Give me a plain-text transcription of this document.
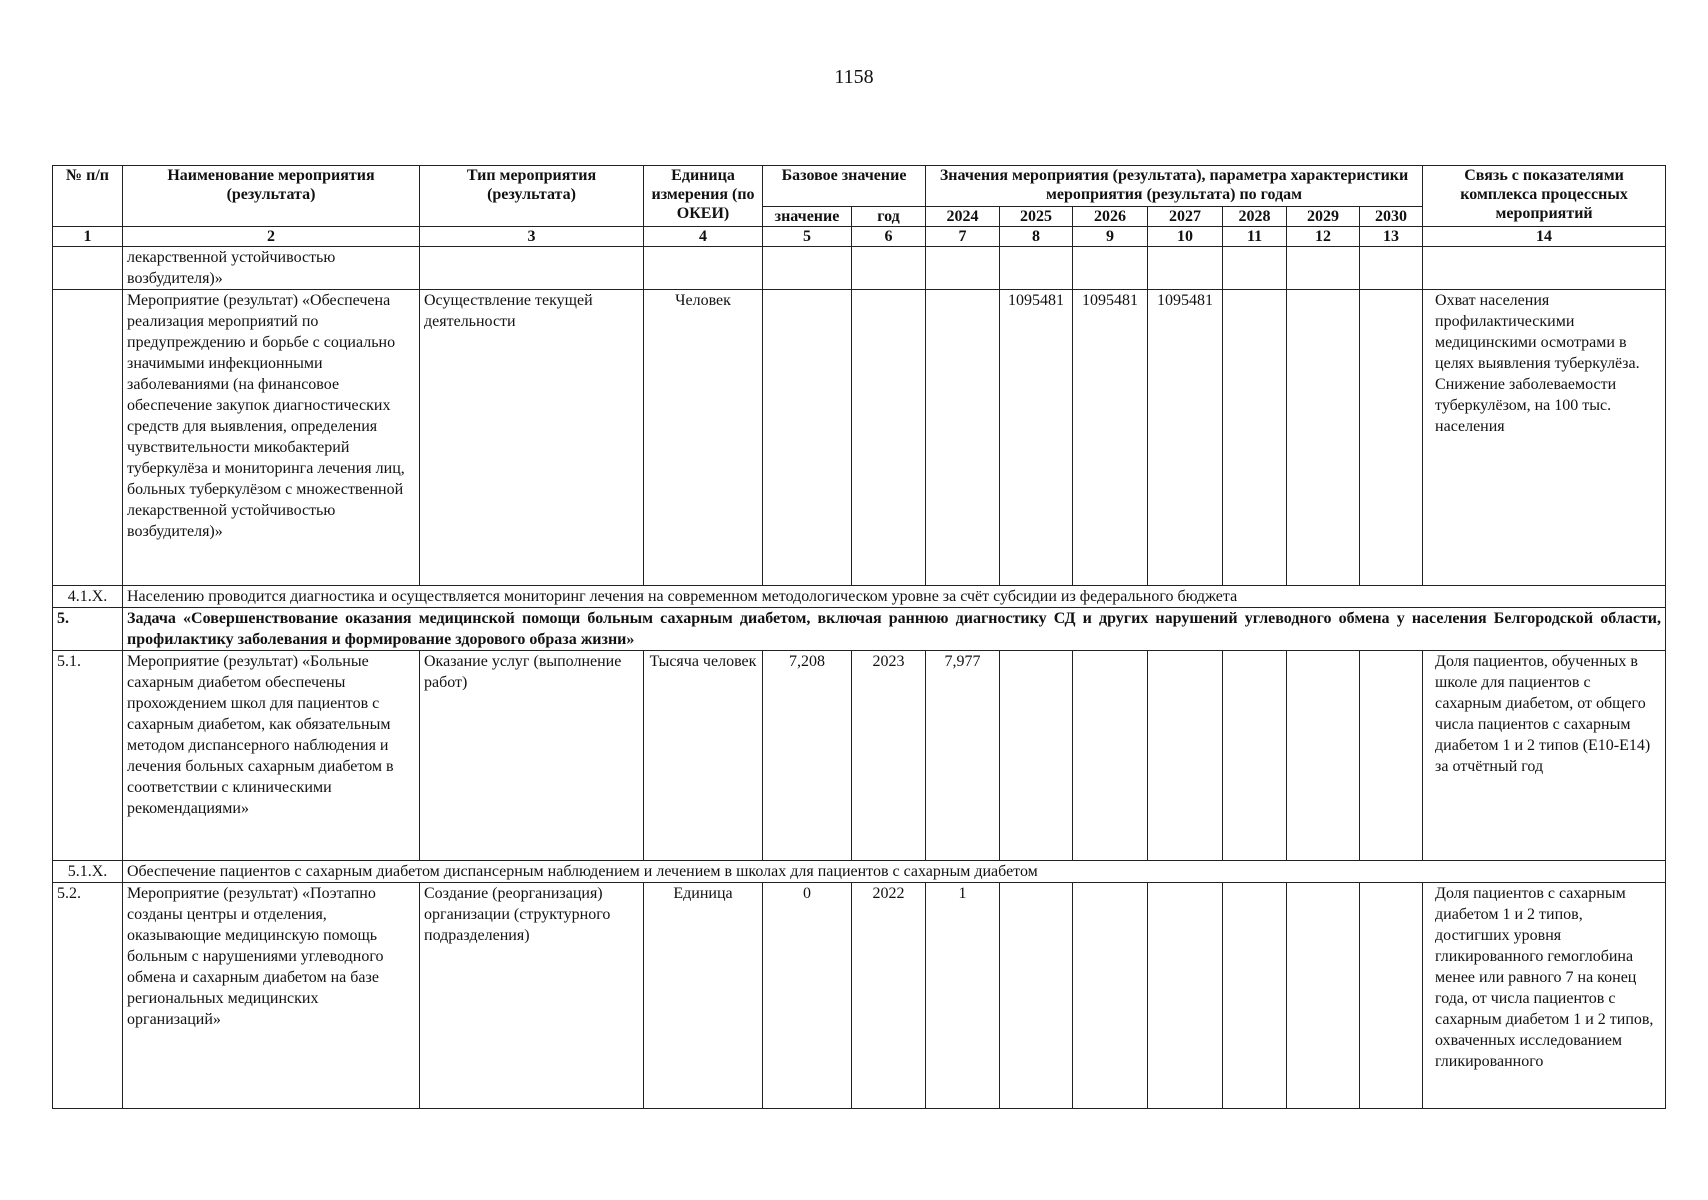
1158
№ п/п	Наименование мероприятия (результата)	Тип мероприятия (результата)	Единица измерения (по ОКЕИ)	Базовое значение		Значения мероприятия (результата), параметра характеристики мероприятия (результата) по годам							Связь с показателями комплекса процессных мероприятий
				значение	год	2024	2025	2026	2027	2028	2029	2030	
1	2	3	4	5	6	7	8	9	10	11	12	13	14
	лекарственной устойчивостью возбудителя)»												
	Мероприятие (результат) «Обеспечена реализация мероприятий по предупреждению и борьбе с социально значимыми инфекционными заболеваниями (на финансовое обеспечение закупок диагностических средств для выявления, определения чувствительности микобактерий туберкулёза и мониторинга лечения лиц, больных туберкулёзом с множественной лекарственной устойчивостью возбудителя)»	Осуществление текущей деятельности	Человек				1095481	1095481	1095481				Охват населения профилактическими медицинскими осмотрами в целях выявления туберкулёза. Снижение заболеваемости туберкулёзом, на 100 тыс. населения
4.1.Х.	Населению проводится диагностика и осуществляется мониторинг лечения на современном методологическом уровне за счёт субсидии из федерального бюджета												
5.	Задача «Совершенствование оказания медицинской помощи больным сахарным диабетом, включая раннюю диагностику СД и других нарушений углеводного обмена у населения Белгородской области, профилактику заболевания и формирование здорового образа жизни»												
5.1.	Мероприятие (результат) «Больные сахарным диабетом обеспечены прохождением школ для пациентов с сахарным диабетом, как обязательным методом диспансерного наблюдения и лечения больных сахарным диабетом в соответствии с клиническими рекомендациями»	Оказание услуг (выполнение работ)	Тысяча человек	7,208	2023	7,977							Доля пациентов, обученных в школе для пациентов с сахарным диабетом, от общего числа пациентов с сахарным диабетом 1 и 2 типов (Е10-Е14) за отчётный год
5.1.Х.	Обеспечение пациентов с сахарным диабетом диспансерным наблюдением и лечением в школах для пациентов с сахарным диабетом												
5.2.	Мероприятие (результат) «Поэтапно созданы центры и отделения, оказывающие медицинскую помощь больным с нарушениями углеводного обмена и сахарным диабетом на базе региональных медицинских организаций»	Создание (реорганизация) организации (структурного подразделения)	Единица	0	2022	1							Доля пациентов с сахарным диабетом 1 и 2 типов, достигших уровня гликированного гемоглобина менее или равного 7 на конец года, от числа пациентов с сахарным диабетом 1 и 2 типов, охваченных исследованием гликированного
